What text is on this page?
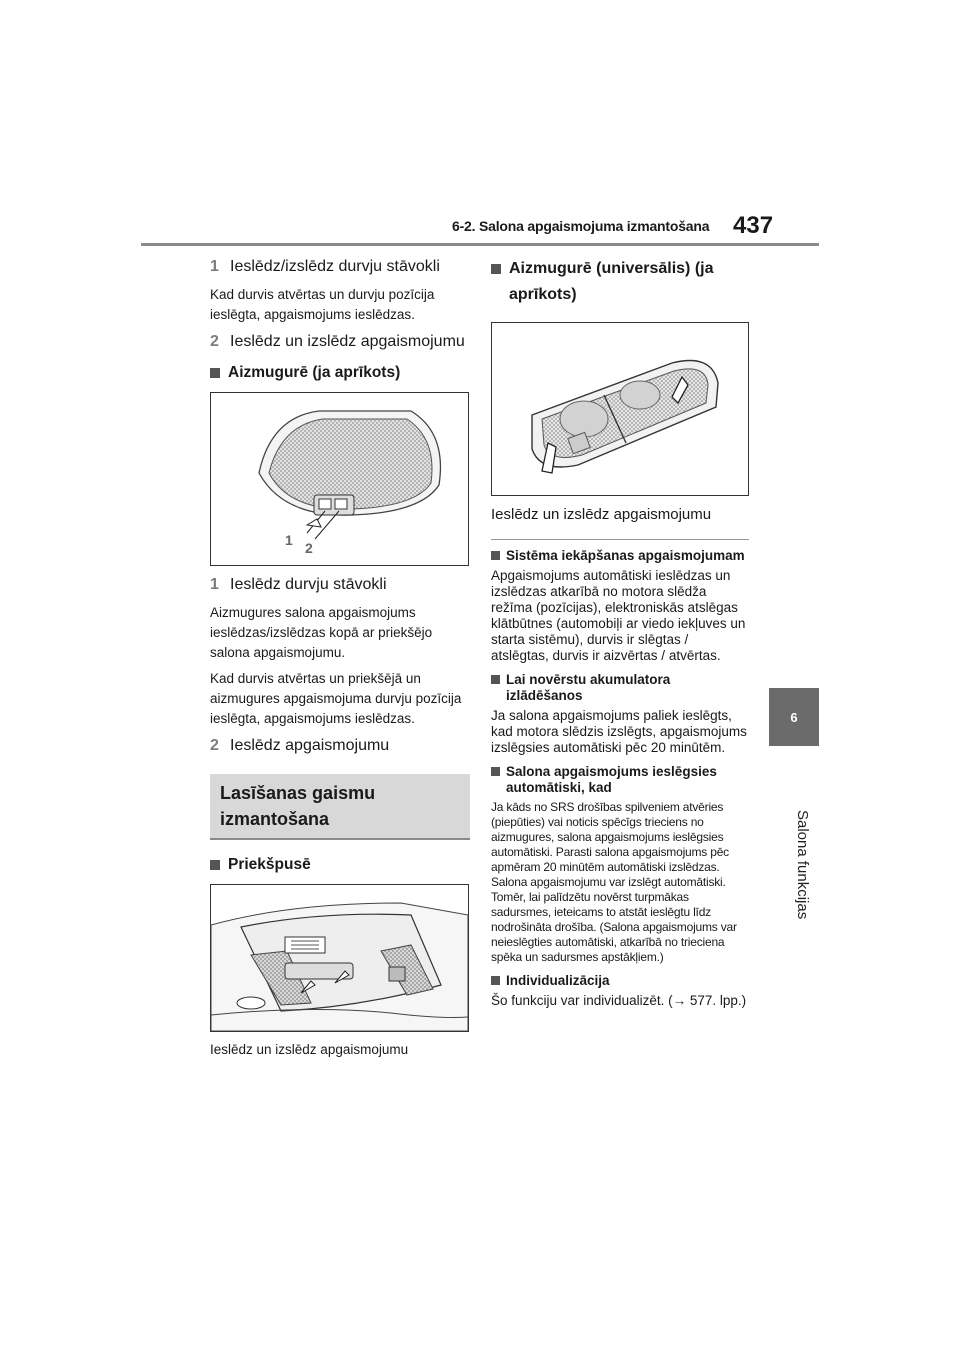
6-2. Salona apgaismojuma izmantošana 437
6
Salona funkcijas
1 Ieslēdz/izslēdz durvju stāvokli

Kad durvis atvērtas un durvju pozīcija ieslēgta, apgaismojums ieslēdzas.

2 Ieslēdz un izslēdz apgaismojumu
Aizmugurē (ja aprīkots)
1 2
1 Ieslēdz durvju stāvokli

Aizmugures salona apgaismojums ieslēdzas/izslēdzas kopā ar priekšējo salona apgaismojumu.

Kad durvis atvērtas un priekšējā un aizmugures apgaismojuma durvju pozīcija ieslēgta, apgaismojums ieslēdzas.

2 Ieslēdz apgaismojumu
Lasīšanas gaismu izmantošana
Priekšpusē
Ieslēdz un izslēdz apgaismojumu
Aizmugurē (universālis) (ja aprīkots)
Ieslēdz un izslēdz apgaismojumu
Sistēma iekāpšanas apgaismojumam

Apgaismojums automātiski ieslēdzas un izslēdzas atkarībā no motora slēdža režīma (pozīcijas), elektroniskās atslēgas klātbūtnes (automobiļi ar viedo iekļuves un starta sistēmu), durvis ir slēgtas / atslēgtas, durvis ir aizvērtas / atvērtas.

Lai novērstu akumulatora izlādēšanos

Ja salona apgaismojums paliek ieslēgts, kad motora slēdzis izslēgts, apgaismojums izslēgsies automātiski pēc 20 minūtēm.

Salona apgaismojums ieslēgsies automātiski, kad

Ja kāds no SRS drošības spilveniem atvēries (piepūties) vai noticis spēcīgs trieciens no aizmugures, salona apgaismojums ieslēgsies automātiski. Parasti salona apgaismojums pēc apmēram 20 minūtēm automātiski izslēdzas. Salona apgaismojumu var izslēgt automātiski. Tomēr, lai palīdzētu novērst turpmākas sadursmes, ieteicams to atstāt ieslēgtu līdz nodrošināta drošība. (Salona apgaismojums var neieslēgties automātiski, atkarībā no trieciena spēka un sadursmes apstākļiem.)

Individualizācija

Šo funkciju var individualizēt. (→ 577. lpp.)
